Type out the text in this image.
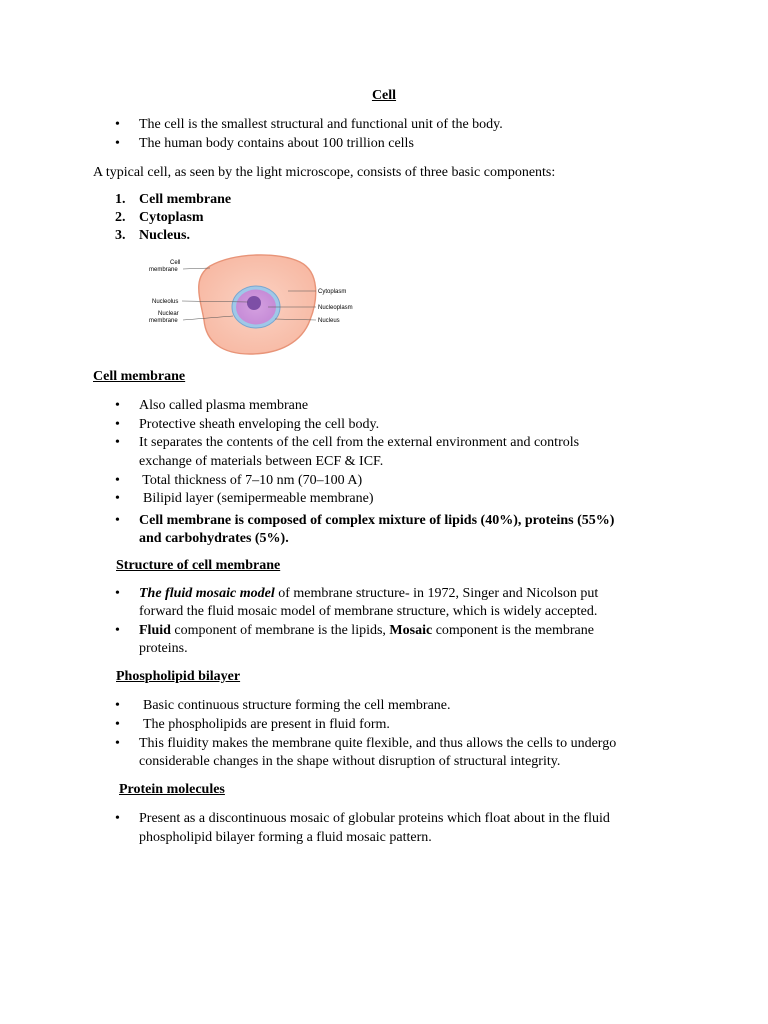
Cell
• The cell is the smallest structural and functional unit of the body.
• The human body contains about 100 trillion cells
A typical cell, as seen by the light microscope, consists of three basic components:
1. Cell membrane
2. Cytoplasm
3. Nucleus.
Cell
membrane
Nucleolus
Nuclear
membrane
Cytoplasm
Nucleoplasm
Nucleus
Cell membrane
• Also called plasma membrane
• Protective sheath enveloping the cell body.
• It separates the contents of the cell from the external environment and controls
exchange of materials between ECF & ICF.
• Total thickness of 7–10 nm (70–100 A)
• Bilipid layer (semipermeable membrane)
• Cell membrane is composed of complex mixture of lipids (40%), proteins (55%)
and carbohydrates (5%).
Structure of cell membrane
• The fluid mosaic model of membrane structure- in 1972, Singer and Nicolson put
forward the fluid mosaic model of membrane structure, which is widely accepted.
• Fluid component of membrane is the lipids, Mosaic component is the membrane
proteins.
Phospholipid bilayer
• Basic continuous structure forming the cell membrane.
• The phospholipids are present in fluid form.
• This fluidity makes the membrane quite flexible, and thus allows the cells to undergo
considerable changes in the shape without disruption of structural integrity.
Protein molecules
• Present as a discontinuous mosaic of globular proteins which float about in the fluid
phospholipid bilayer forming a fluid mosaic pattern.
